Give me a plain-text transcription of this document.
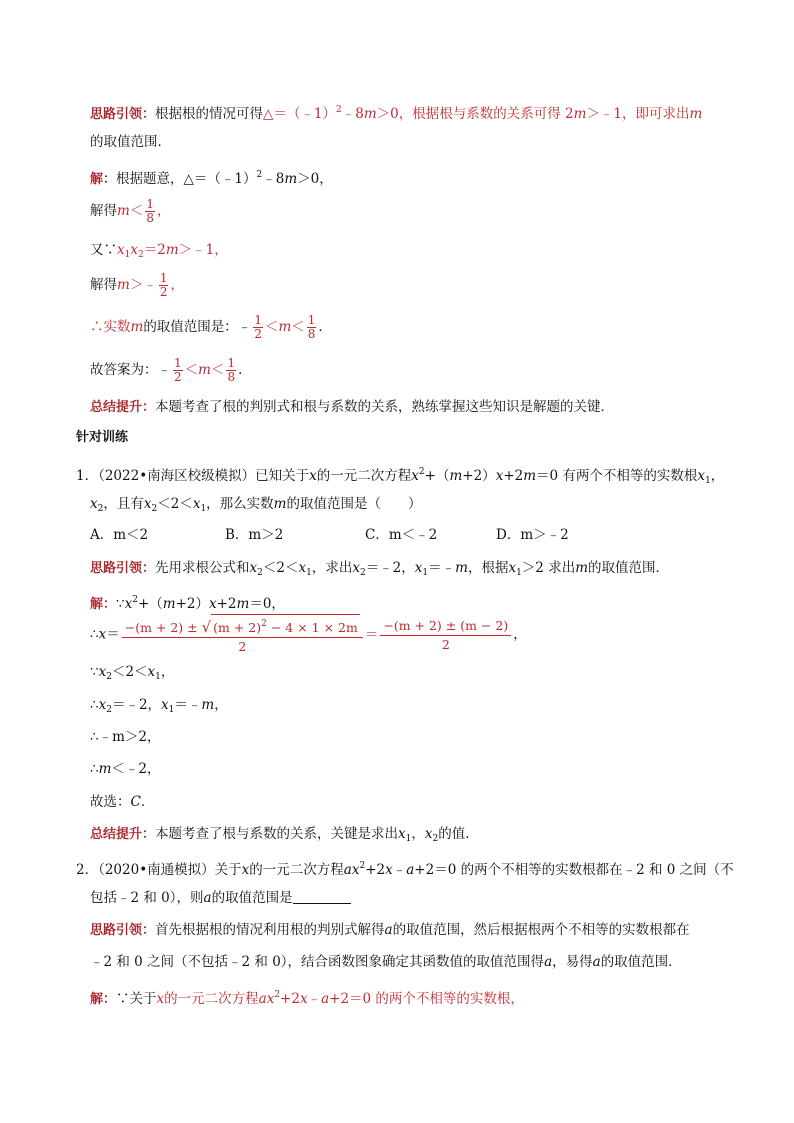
思路引领：根据根的情况可得△＝（﹣1）$^2$﹣8m＞0，根据根与系数的关系可得 2m＞﹣1，即可求出m
的取值范围．
解：根据题意，△＝（﹣1）$^2$﹣8m＞0，
解得$m< \frac{1}{8}$ ，
又$\because x_1x_2=2m>﹣1$，
解得m＞﹣ $\frac{1}{2}$ ，
∴实数m的取值范围是：﹣ $\frac{1}{2} <m< \frac{1}{8}$ ．
故答案为：﹣ $\frac{1}{2} <m< \frac{1}{8}$ ．
总结提升：本题考查了根的判别式和根与系数的关系，熟练掌握这些知识是解题的关键．
针对训练
1．（2022•南海区校级模拟）已知关于x的一元二次方程$x^2+(m+2)x+2m=0$ 有两个不相等的实数根$x_1$，
$x_2$，且有$x_2<2<x_1$，那么实数m的取值范围是（　　）
A．m＜2	B．m＞2	C．m＜﹣2	D．m＞﹣2
思路引领：先用求根公式和$x_2<2<x_1$，求出$x_2=﹣2$，$x_1=﹣m$，根据$x_1>2$ 求出m的取值范围．
解：$\because x^2+(m+2)x+2m=0$，
∴x＝ $\frac{-(m + 2) \pm √ (m + 2)^2 - 4 \times 1 \times 2m}{2} = \frac{-(m + 2) \pm (m - 2)}{2}$ ，
$\because x_2<2<x_1$，
$\therefore x_2=﹣2$，$x_1=﹣m$，
∴﹣m＞2，
∴m＜﹣2，
故选：C．
总结提升：本题考查了根与系数的关系，关键是求出$x_1$，$x_2$的值．
2．（2020•南通模拟）关于x的一元二次方程$ax^2+2x﹣a+2=0$ 的两个不相等的实数根都在﹣2 和 0 之间（不
包括﹣2 和 0），则a的取值范围是
思路引领：首先根据根的情况利用根的判别式解得a的取值范围，然后根据根两个不相等的实数根都在
﹣2 和 0 之间（不包括﹣2 和 0），结合函数图象确定其函数值的取值范围得a，易得a的取值范围．
解：∵关于x的一元二次方程$ax^2+2x﹣a+2=0$ 的两个不相等的实数根，
